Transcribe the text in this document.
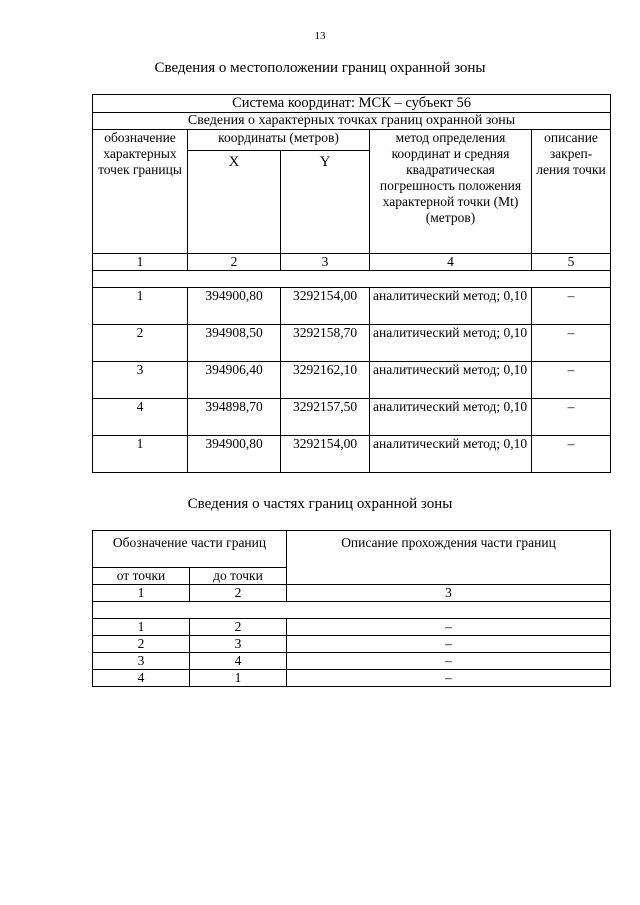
13
Сведения о местоположении границ охранной зоны
Система координат: МСК – субъект 56				
Сведения о характерных точках границ охранной зоны				
обозначение характерных точек границы	координаты (метров)		метод определения координат и средняя квадратическая погрешность положения характерной точки (Mt) (метров)	описание закреп-ления точки
	X	Y		
1	2	3	4	5

1	394900,80	3292154,00	аналитический метод; 0,10	–
2	394908,50	3292158,70	аналитический метод; 0,10	–
3	394906,40	3292162,10	аналитический метод; 0,10	–
4	394898,70	3292157,50	аналитический метод; 0,10	–
1	394900,80	3292154,00	аналитический метод; 0,10	–
Сведения о частях границ охранной зоны
Обозначение части границ		Описание прохождения части границ
от точки	до точки	
1	2	3

1	2	–
2	3	–
3	4	–
4	1	–
